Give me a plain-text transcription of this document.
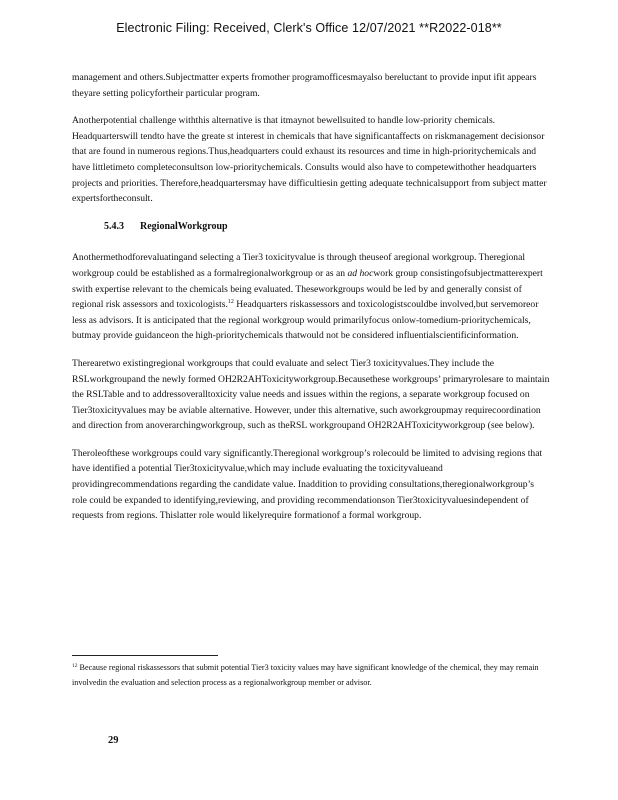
Electronic Filing: Received, Clerk's Office 12/07/2021 **R2022-018**

management and others.Subjectmatter experts fromother programofficesmayalso bereluctant to provide input ifit appears theyare setting policyfortheir particular program.

Anotherpotential challenge withthis alternative is that itmaynot bewellsuited to handle low-priority chemicals. Headquarterswill tendto have the greate st interest in chemicals that have significantaffects on riskmanagement decisionsor that are found in numerous regions.Thus,headquarters could exhaust its resources and time in high-prioritychemicals and have littletimeto completeconsultson low-prioritychemicals. Consults would also have to competewithother headquarters projects and priorities. Therefore,headquartersmay have difficultiesin getting adequate technicalsupport from subject matter expertsfortheconsult.

5.4.3 RegionalWorkgroup

Anothermethodforevaluatingand selecting a Tier3 toxicityvalue is through theuseof aregional workgroup. Theregional workgroup could be established as a formalregionalworkgroup or as an ad hocwork group consistingofsubjectmatterexpert swith expertise relevant to the chemicals being evaluated. Theseworkgroups would be led by and generally consist of regional risk assessors and toxicologists.$^{12}$ Headquarters riskassessors and toxicologistscouldbe involved,but servemoreor less as advisors. It is anticipated that the regional workgroup would primarilyfocus onlow-tomedium-prioritychemicals, butmay provide guidanceon the high-prioritychemicals thatwould not be considered influentialscientificinformation.

Therearetwo existingregional workgroups that could evaluate and select Tier3 toxicityvalues.They include the RSLworkgroupand the newly formed OH2R2AHToxicityworkgroup.Becausethese workgroups’ primaryrolesare to maintain the RSLTable and to addressoveralltoxicity value needs and issues within the regions, a separate workgroup focused on Tier3toxicityvalues may be aviable alternative. However, under this alternative, such aworkgroupmay requirecoordination and direction from anoverarchingworkgroup, such as theRSL workgroupand OH2R2AHToxicityworkgroup (see below).

Theroleofthese workgroups could vary significantly.Theregional workgroup’s rolecould be limited to advising regions that have identified a potential Tier3toxicityvalue,which may include evaluating the toxicityvalueand providingrecommendations regarding the candidate value. Inaddition to providing consultations,theregionalworkgroup’s role could be expanded to identifying,reviewing, and providing recommendationson Tier3toxicityvaluesindependent of requests from regions. Thislatter role would likelyrequire formationof a formal workgroup.

$^{12}$ Because regional riskassessors that submit potential Tier3 toxicity values may have significant knowledge of the chemical, they may remain involvedin the evaluation and selection process as a regionalworkgroup member or advisor.
29
